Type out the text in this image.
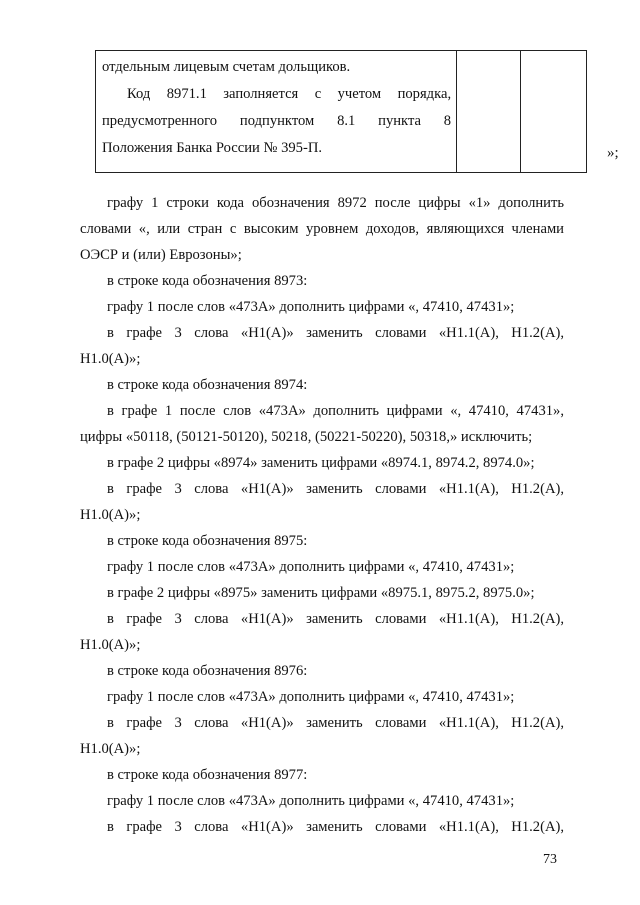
отдельным лицевым счетам дольщиков.
Код 8971.1 заполняется с учетом порядка,
предусмотренного подпунктом 8.1 пункта 8
Положения Банка России № 395-П.
			»;
графу 1 строки кода обозначения 8972 после цифры «1» дополнить
словами «, или стран с высоким уровнем доходов, являющихся членами
ОЭСР и (или) Еврозоны»;
в строке кода обозначения 8973:
графу 1 после слов «473А» дополнить цифрами «, 47410, 47431»;
в графе 3 слова «Н1(А)» заменить словами «Н1.1(А), Н1.2(А),
Н1.0(А)»;
в строке кода обозначения 8974:
в графе 1 после слов «473А» дополнить цифрами «, 47410, 47431»,
цифры «50118, (50121-50120), 50218, (50221-50220), 50318,» исключить;
в графе 2 цифры «8974» заменить цифрами «8974.1, 8974.2, 8974.0»;
в графе 3 слова «Н1(А)» заменить словами «Н1.1(А), Н1.2(А),
Н1.0(А)»;
в строке кода обозначения 8975:
графу 1 после слов «473А» дополнить цифрами «, 47410, 47431»;
в графе 2 цифры «8975» заменить цифрами «8975.1, 8975.2, 8975.0»;
в графе 3 слова «Н1(А)» заменить словами «Н1.1(А), Н1.2(А),
Н1.0(А)»;
в строке кода обозначения 8976:
графу 1 после слов «473А» дополнить цифрами «, 47410, 47431»;
в графе 3 слова «Н1(А)» заменить словами «Н1.1(А), Н1.2(А),
Н1.0(А)»;
в строке кода обозначения 8977:
графу 1 после слов «473А» дополнить цифрами «, 47410, 47431»;
в графе 3 слова «Н1(А)» заменить словами «Н1.1(А), Н1.2(А),
73
